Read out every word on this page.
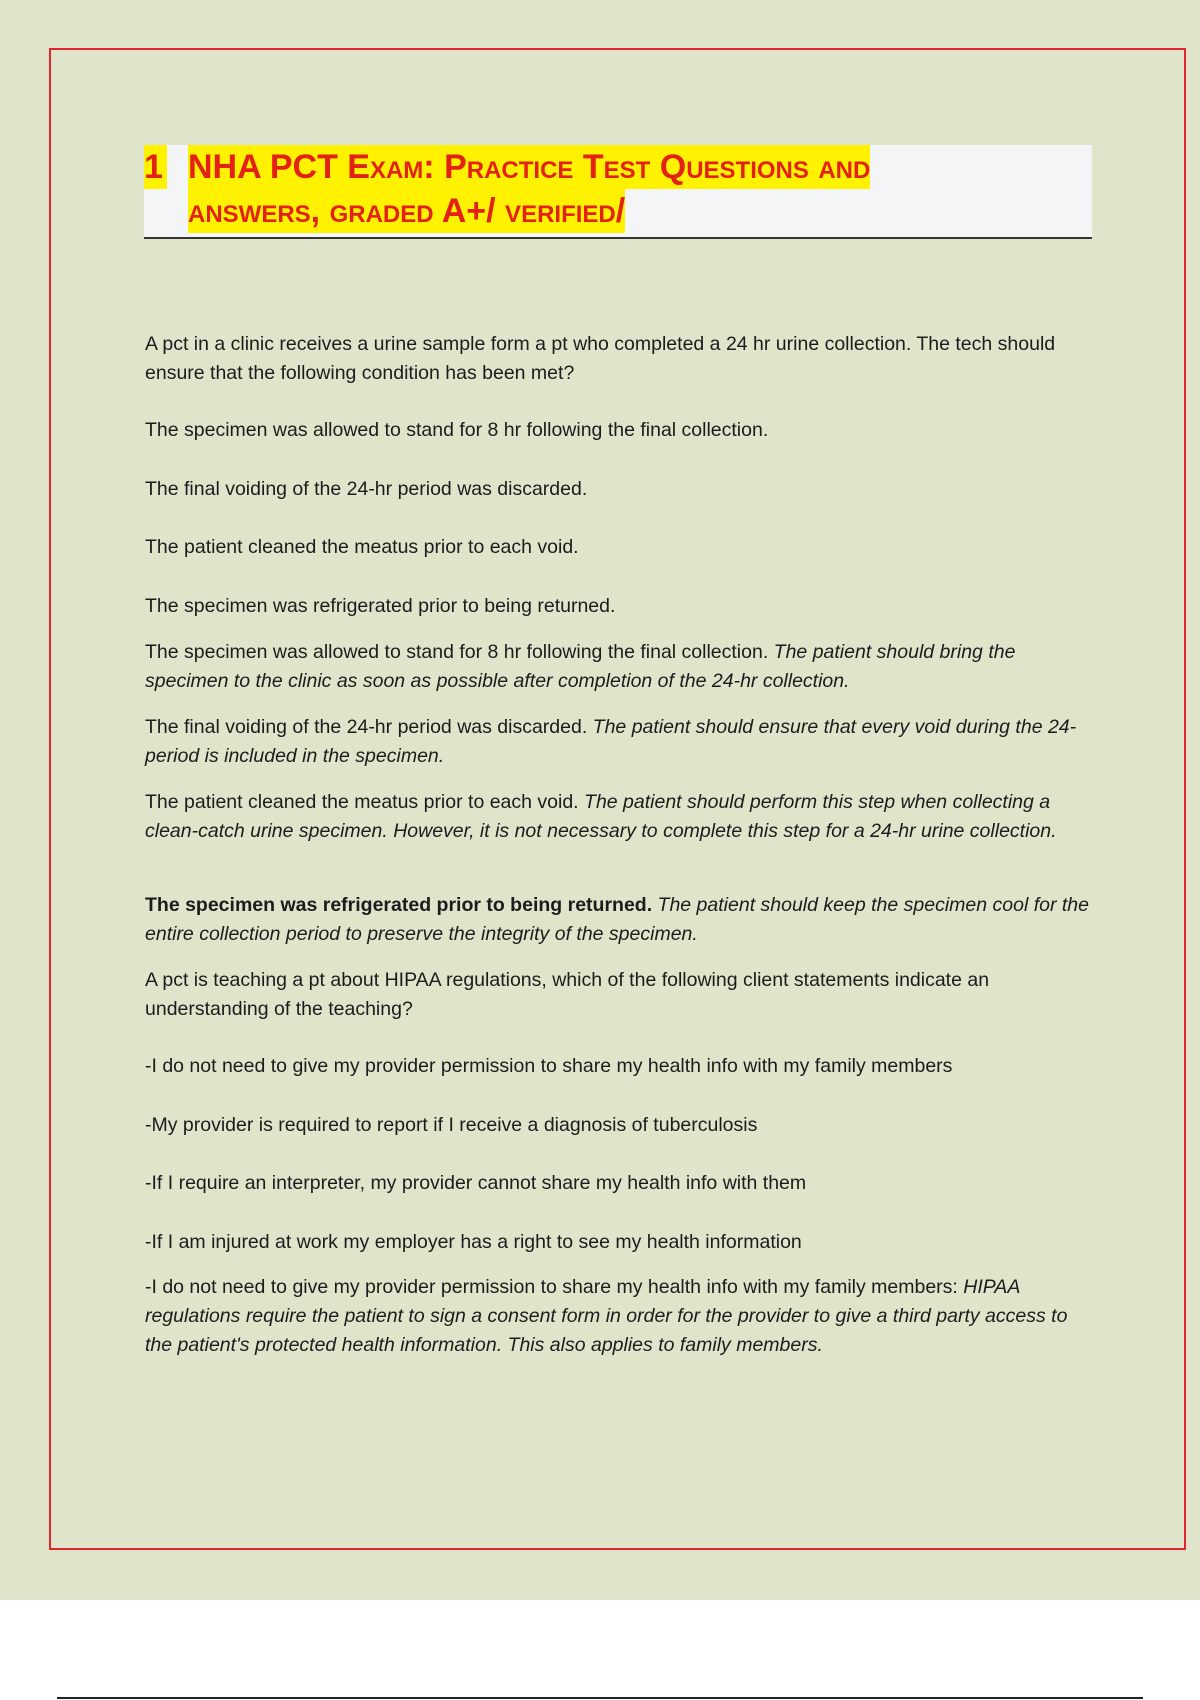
1 NHA PCT Exam: Practice Test Questions and
answers, graded A+/ verified/

A pct in a clinic receives a urine sample form a pt who completed a 24 hr urine collection. The tech should ensure that the following condition has been met?

The specimen was allowed to stand for 8 hr following the final collection.

The final voiding of the 24-hr period was discarded.

The patient cleaned the meatus prior to each void.

The specimen was refrigerated prior to being returned.

The specimen was allowed to stand for 8 hr following the final collection. The patient should bring the specimen to the clinic as soon as possible after completion of the 24-hr collection.

The final voiding of the 24-hr period was discarded. The patient should ensure that every void during the 24-period is included in the specimen.

The patient cleaned the meatus prior to each void. The patient should perform this step when collecting a clean-catch urine specimen. However, it is not necessary to complete this step for a 24-hr urine collection.

The specimen was refrigerated prior to being returned. The patient should keep the specimen cool for the entire collection period to preserve the integrity of the specimen.

A pct is teaching a pt about HIPAA regulations, which of the following client statements indicate an understanding of the teaching?

-I do not need to give my provider permission to share my health info with my family members

-My provider is required to report if I receive a diagnosis of tuberculosis

-If I require an interpreter, my provider cannot share my health info with them

-If I am injured at work my employer has a right to see my health information

-I do not need to give my provider permission to share my health info with my family members: HIPAA regulations require the patient to sign a consent form in order for the provider to give a third party access to the patient's protected health information. This also applies to family members.
